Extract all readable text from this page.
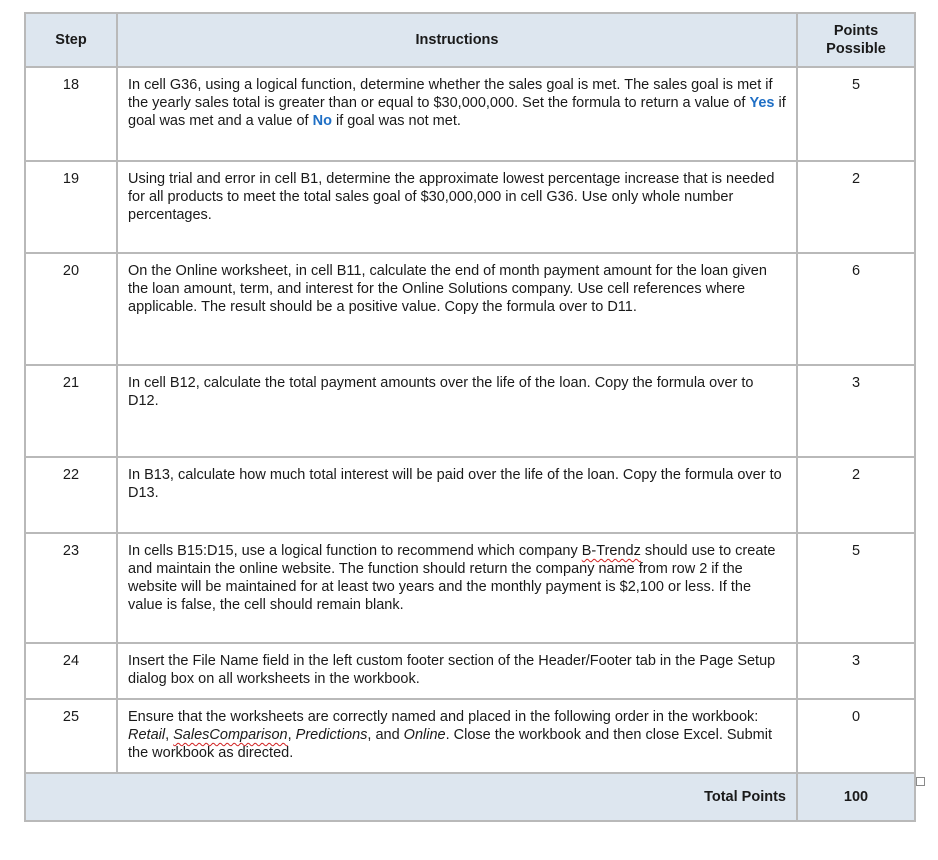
Step	Instructions	Points
Possible
18	In cell G36, using a logical function, determine whether the sales goal is met. The sales goal is met if the yearly sales total is greater than or equal to $30,000,000. Set the formula to return a value of Yes if goal was met and a value of No if goal was not met.	5
19	Using trial and error in cell B1, determine the approximate lowest percentage increase that is needed for all products to meet the total sales goal of $30,000,000 in cell G36. Use only whole number percentages.	2
20	On the Online worksheet, in cell B11, calculate the end of month payment amount for the loan given the loan amount, term, and interest for the Online Solutions company. Use cell references where applicable. The result should be a positive value. Copy the formula over to D11.	6
21	In cell B12, calculate the total payment amounts over the life of the loan. Copy the formula over to D12.	3
22	In B13, calculate how much total interest will be paid over the life of the loan. Copy the formula over to D13.	2
23	In cells B15:D15, use a logical function to recommend which company B-Trendz should use to create and maintain the online website. The function should return the company name from row 2 if the website will be maintained for at least two years and the monthly payment is $2,100 or less. If the value is false, the cell should remain blank.	5
24	Insert the File Name field in the left custom footer section of the Header/Footer tab in the Page Setup dialog box on all worksheets in the workbook.	3
25	Ensure that the worksheets are correctly named and placed in the following order in the workbook: Retail, SalesComparison, Predictions, and Online. Close the workbook and then close Excel. Submit the workbook as directed.	0
Total Points		100
